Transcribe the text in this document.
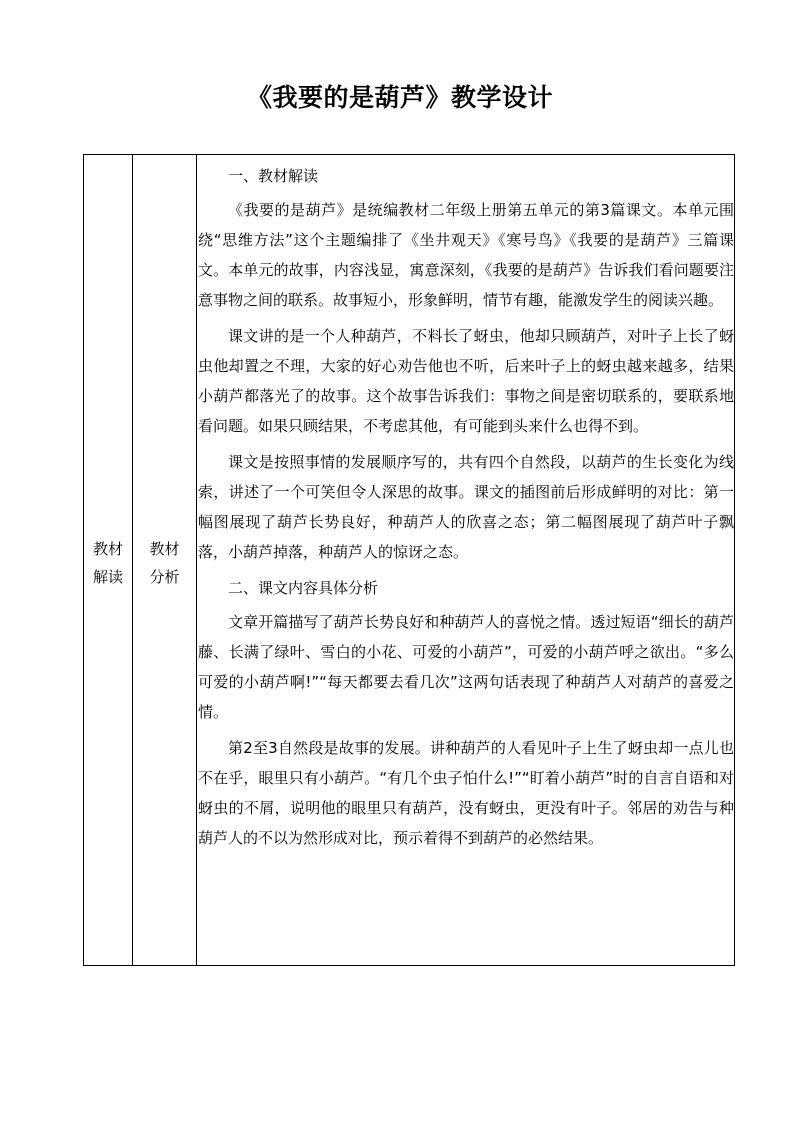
《我要的是葫芦》教学设计
教材
解读
教材
分析

一、教材解读

《我要的是葫芦》是统编教材二年级上册第五单元的第3篇课文。本单元围绕“思维方法”这个主题编排了《坐井观天》《寒号鸟》《我要的是葫芦》三篇课文。本单元的故事，内容浅显，寓意深刻，《我要的是葫芦》告诉我们看问题要注意事物之间的联系。故事短小，形象鲜明，情节有趣，能激发学生的阅读兴趣。

课文讲的是一个人种葫芦，不料长了蚜虫，他却只顾葫芦，对叶子上长了蚜虫他却置之不理，大家的好心劝告他也不听，后来叶子上的蚜虫越来越多，结果小葫芦都落光了的故事。这个故事告诉我们：事物之间是密切联系的，要联系地看问题。如果只顾结果，不考虑其他，有可能到头来什么也得不到。

课文是按照事情的发展顺序写的，共有四个自然段，以葫芦的生长变化为线索，讲述了一个可笑但令人深思的故事。课文的插图前后形成鲜明的对比：第一幅图展现了葫芦长势良好，种葫芦人的欣喜之态；第二幅图展现了葫芦叶子飘落，小葫芦掉落，种葫芦人的惊讶之态。

二、课文内容具体分析

文章开篇描写了葫芦长势良好和种葫芦人的喜悦之情。透过短语“细长的葫芦藤、长满了绿叶、雪白的小花、可爱的小葫芦”，可爱的小葫芦呼之欲出。“多么可爱的小葫芦啊!”“每天都要去看几次”这两句话表现了种葫芦人对葫芦的喜爱之情。

第2至3自然段是故事的发展。讲种葫芦的人看见叶子上生了蚜虫却一点儿也不在乎，眼里只有小葫芦。“有几个虫子怕什么!”“盯着小葫芦”时的自言自语和对蚜虫的不屑，说明他的眼里只有葫芦，没有蚜虫，更没有叶子。邻居的劝告与种葫芦人的不以为然形成对比，预示着得不到葫芦的必然结果。
